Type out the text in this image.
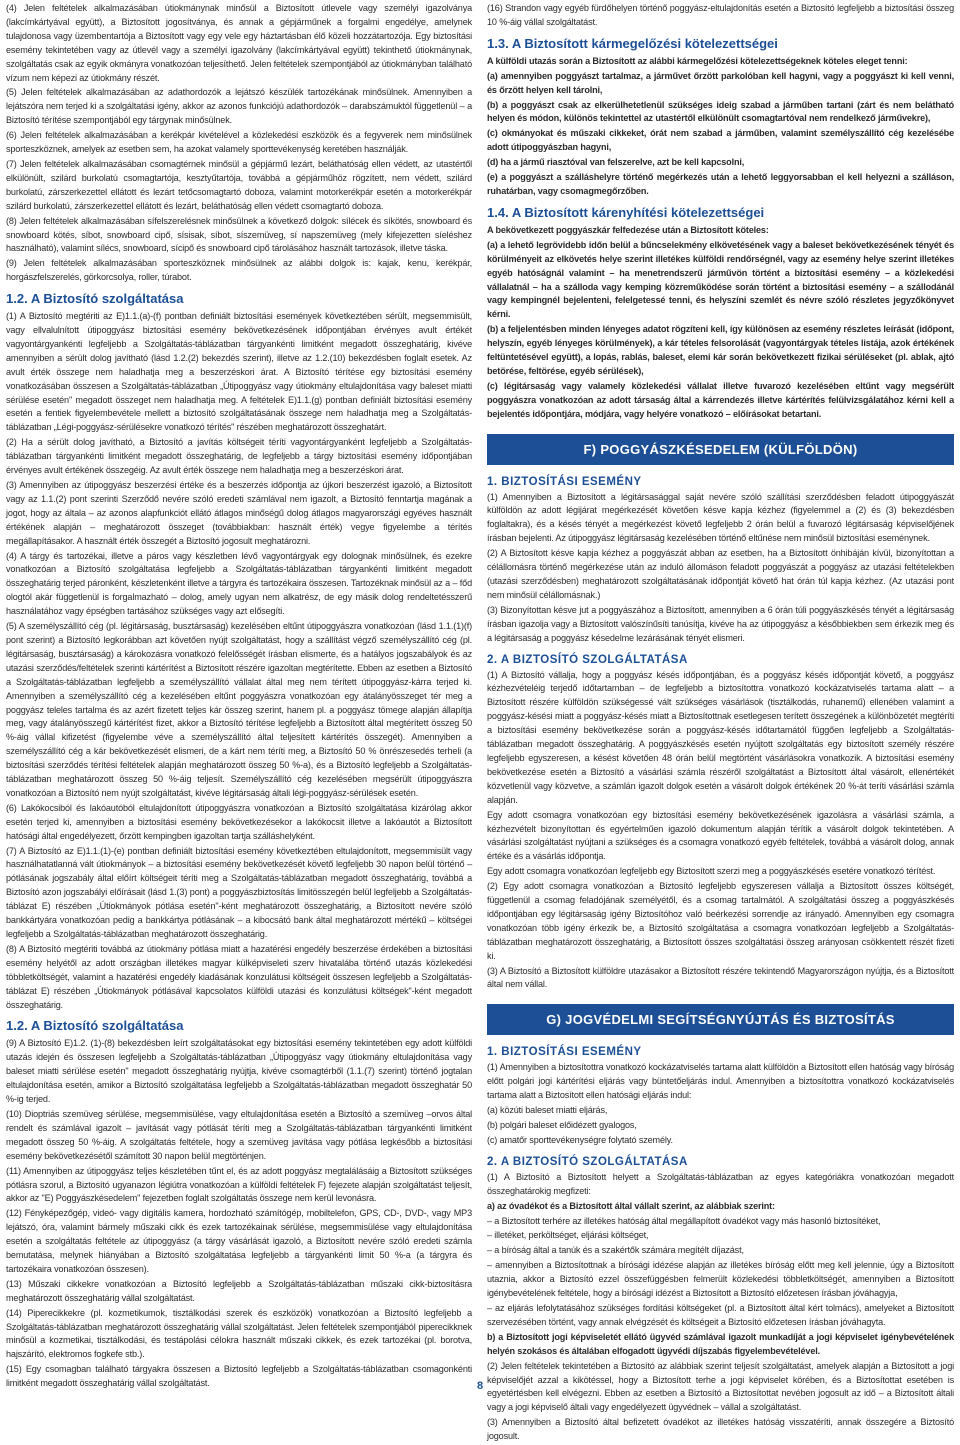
(4) Jelen feltételek alkalmazásában útiokmánynak minősül a Biztosított útlevele vagy személyi igazolványa (lakcímkártyával együtt), a Biztosított jogosítványa, és annak a gépjárműnek a forgalmi engedélye, amelynek tulajdonosa vagy üzembentartója a Biztosított vagy egy vele egy háztartásban élő közeli hozzátartozója. Egy biztosítási esemény tekintetében vagy az útlevél vagy a személyi igazolvány (lakcímkártyával együtt) tekinthető útiokmánynak, szolgáltatás csak az egyik okmányra vonatkozóan teljesíthető. Jelen feltételek szempontjából az útiokmányban található vízum nem képezi az útiokmány részét.

(5) Jelen feltételek alkalmazásában az adathordozók a lejátszó készülék tartozékának minősülnek. Amennyiben a lejátszóra nem terjed ki a szolgáltatási igény, akkor az azonos funkciójú adathordozók – darabszámuktól függetlenül – a Biztosító térítése szempontjából egy tárgynak minősülnek.

(6) Jelen feltételek alkalmazásában a kerékpár kivételével a közlekedési eszközök és a fegyverek nem minősülnek sporteszköznek, amelyek az esetben sem, ha azokat valamely sporttevékenység keretében használják.

(7) Jelen feltételek alkalmazásában csomagtérnek minősül a gépjármű lezárt, beláthatóság ellen védett, az utastértől elkülönült, szilárd burkolatú csomagtartója, kesztyűtartója, továbbá a gépjárműhöz rögzített, nem védett, szilárd burkolatú, zárszerkezettel ellátott és lezárt tetőcsomagtartó doboza, valamint motorkerékpár esetén a motorkerékpár szilárd burkolatú, zárszerkezettel ellátott és lezárt, beláthatóság ellen védett csomagtartó doboza.

(8) Jelen feltételek alkalmazásában sífelszerelésnek minősülnek a következő dolgok: sílécek és síkötés, snowboard és snowboard kötés, síbot, snowboard cipő, sísisak, síbot, síszemüveg, sí napszemüveg (mely kifejezetten síeléshez használható), valamint sílécs, snowboard, sícipő és snowboard cipő tárolásához használt tartozások, illetve táska.

(9) Jelen feltételek alkalmazásában sporteszköznek minősülnek az alábbi dolgok is: kajak, kenu, kerékpár, horgászfelszerelés, görkorcsolya, roller, túrabot.

1.2. A Biztosító szolgáltatása

(1) A Biztosító megtériti az E)1.1.(a)-(f) pontban definiált biztosítási események következtében sérült, megsemmisült, vagy ellvalulnított útipoggyász biztosítási esemény bekövetkezésének időpontjában érvényes avult értékét vagyontárgyankénti legfeljebb a Szolgáltatás-táblázatban tárgyankénti limitként megadott összeghatárig, kivéve amennyiben a sérült dolog javítható (lásd 1.2.(2) bekezdés szerint), illetve az 1.2.(10) bekezdésben foglalt esetek. Az avult érték összege nem haladhatja meg a beszerzéskori árat. A Biztosító térítése egy biztosítási esemény vonatkozásában összesen a Szolgáltatás-táblázatban „Útipoggyász vagy útiokmány eltulajdonítása vagy baleset miatti sérülése esetén" megadott összeget nem haladhatja meg. A feltételek E)1.1.(g) pontban definiált biztosítási esemény esetén a fentiek figyelembevétele mellett a biztosító szolgáltatásának összege nem haladhatja meg a Szolgáltatás-táblázatban „Légi-poggyász-sérülésekre vonatkozó térítés" részében meghatározott összeghatárt.

(2) Ha a sérült dolog javítható, a Biztosító a javítás költségeit téríti vagyontárgyanként legfeljebb a Szolgáltatás-táblázatban tárgyankénti limitként megadott összeghatárig, de legfeljebb a tárgy biztosítási esemény időpontjában érvényes avult értékének összegéig. Az avult érték összege nem haladhatja meg a beszerzéskori árat.

(3) Amennyiben az útipoggyász beszerzési értéke és a beszerzés időpontja az újkori beszerzést igazoló, a Biztosított vagy az 1.1.(2) pont szerinti Szerződő nevére szóló eredeti számlával nem igazolt, a Biztosító fenntartja magának a jogot, hogy az általa – az azonos alapfunkciót ellátó átlagos minőségű dolog átlagos magyarországi egyéves használt értékének alapján – meghatározott összeget (továbbiakban: használt érték) vegye figyelembe a térítés megállapításakor. A használt érték összegét a Biztosító jogosult meghatározni.

(4) A tárgy és tartozékai, illetve a páros vagy készletben lévő vagyontárgyak egy dolognak minősülnek, és ezekre vonatkozóan a Biztosító szolgáltatása legfeljebb a Szolgáltatás-táblázatban tárgyankénti limitként megadott összeghatárig terjed páronként, készletenként illetve a tárgyra és tartozékaira összesen. Tartozéknak minősül az a – főd​ologtól akár függetlenül is forgalmazható – dolog, amely ugyan nem alkatrész, de egy másik dolog rendeltetésszerű használatához vagy épségben tartásához szükséges vagy azt elősegíti.

(5) A személyszállító cég (pl. légitársaság, busztársaság) kezelésében eltűnt útipoggyászra vonatkozóan (lásd 1.1.(1)(f) pont szerint) a Biztosító legkorábban azt követően nyújt szolgáltatást, hogy a szállítást végző személyszállító cég (pl. légitársaság, busztársaság) a károkozásra vonatkozó felelősségét írásban elismerte, és a hatályos jogszabályok és az utazási szerződés/feltételek szerinti kártérítést a Biztosított részére igazoltan megtérítette. Ebben az esetben a Biztosító a Szolgáltatás-táblázatban legfeljebb a személyszállító vállalat által meg nem térített útipoggyász-kárra terjed ki. Amennyiben a személyszállító cég a kezelésében eltűnt poggyászra vonatkozóan egy átalányösszeget tér meg a poggyász teleles tartalma és az azért fizetett teljes kár összeg szerint, hanem pl. a poggyász tömege alapján állapítja meg, vagy átalányösszegű kártérítést fizet, akkor a Biztosító térítése legfeljebb a Biztosított által megtérített összeg 50 %-áig vállal kifizetést (figyelembe véve a személyszállító által teljesített kártérítés összegét). Amennyiben a személyszállító cég a kár bekövetkezését elismeri, de a kárt nem téríti meg, a Biztosító 50 % önrészesedés terheli (a biztosítási szerződés térítési feltételek alapján meghatározott összeg 50 %-a), és a Biztosító legfeljebb a Szolgáltatás-táblázatban meghatározott összeg 50 %-áig teljesít. Személyszállító cég kezelésében megsérült útipoggyászra vonatkozóan a Biztosító nem nyújt szolgáltatást, kivéve légitársaság általi légi-poggyász-sérülések esetén.

(6) Lakókocsiból és lakóautóból eltulajdonított útipoggyászra vonatkozóan a Biztosító szolgáltatása kizárólag akkor esetén terjed ki, amennyiben a biztosítási esemény bekövetkezésekor a lakókocsit illetve a lakóautót a Biztosított hatósági által engedélyezett, őrzött kempingben igazoltan tartja szálláshelyként.

(7) A Biztosító az E)1.1.(1)-(e) pontban definiált biztosítási esemény következtében eltulajdonított, megsemmisült vagy használhatatlanná vált útiokmányok – a biztosítási esemény bekövetkezését követő legfeljebb 30 napon belül történő – pótlásának jogszabály által előírt költségeit téríti meg a Szolgáltatás-táblázatban megadott összeghatárig, továbbá a Biztosító azon jogszabályi előírásait (lásd 1.(3) pont) a poggyászbiztosítás limitösszegén belül legfeljebb a Szolgáltatás-táblázat E) részében „Útiokmányok pótlása esetén"-ként meghatározott összeghatárig, a Biztosított nevére szóló bankkártyára vonatkozóan pedig a bankkártya pótlásának – a kibocsátó bank által meghatározott mértékű – költségei legfeljebb a Szolgáltatás-táblázatban meghatározott összeghatárig.

(8) A Biztosító megtériti továbbá az útiokmány pótlása miatt a hazatérési engedély beszerzése érdekében a biztosítási esemény helyétől az adott országban illetékes magyar külképviseleti szerv hivatalába történő utazás közlekedési többletköltségét, valamint a hazatérési engedély kiadásának konzulátusi költségeit összesen legfeljebb a Szolgáltatás-táblázat E) részében „Útiokmányok pótlásával kapcsolatos külföldi utazási és konzulátusi költségek"-ként megadott összeghatárig.

1.2. A Biztosító szolgáltatása

(9) A Biztosító E)1.2. (1)-(8) bekezdésben leírt szolgáltatásokat egy biztosítási esemény tekintetében egy adott külföldi utazás idején és összesen legfeljebb a Szolgáltatás-táblázatban „Útipoggyász vagy útiokmány eltulajdonítása vagy baleset miatti sérülése esetén" megadott összeghatárig nyújtja, kivéve csomagtérből (1.1.(7) szerint) történő jogtalan eltulajdonítása esetén, amikor a Biztosító szolgáltatása legfeljebb a Szolgáltatás-táblázatban megadott összeghatár 50 %-ig terjed.

(10) Dioptriás szemüveg sérülése, megsemmisülése, vagy eltulajdonítása esetén a Biztosító a szemüveg –orvos által rendelt és számlával igazolt – javítását vagy pótlását téríti meg a Szolgáltatás-táblázatban tárgyankénti limitként megadott összeg 50 %-áig. A szolgáltatás feltétele, hogy a szemüveg javítása vagy pótlása legkésőbb a biztosítási esemény bekövetkezésétől számított 30 napon belül megtörténjen.

(11) Amennyiben az útipoggyász teljes készletében tűnt el, és az adott poggyász megtalálásáig a Biztosított szükséges pótlásra szorul, a Biztosító ugyanazon légiútra vonatkozóan a külföldi feltételek F) fejezete alapján szolgáltatást teljesít, akkor az "E) Poggyászkésedelem" fejezetben foglalt szolgáltatás összege nem kerül levonásra.

(12) Fényképezőgép, videó- vagy digitális kamera, hordozható számítógép, mobiltelefon, GPS, CD-, DVD-, vagy MP3 lejátszó, óra, valamint bármely műszaki cikk és ezek tartozékainak sérülése, megsemmisülése vagy eltulajdonítása esetén a szolgáltatás feltétele az útipoggyász (a tárgy vásárlását igazoló, a Biztosított nevére szóló eredeti számla bemutatása, melynek hiányában a Biztosító szolgáltatása legfeljebb a tárgyankénti limit 50 %-a (a tárgyra és tartozékaira vonatkozóan összesen).

(13) Műszaki cikkekre vonatkozóan a Biztosító legfeljebb a Szolgáltatás-táblázatban műszaki cikk-biztosításra meghatározott összeghatárig vállal szolgáltatást.

(14) Piperecikkekre (pl. kozmetikumok, tisztálkodási szerek és eszközök) vonatkozóan a Biztosító legfeljebb a Szolgáltatás-táblázatban meghatározott összeghatárig vállal szolgáltatást. Jelen feltételek szempontjából piperecikknek minősül a kozmetikai, tisztálkodási, és testápolási célokra használt műszaki cikkek, és ezek tartozékai (pl. borotva, hajszárító, elektromos fogkefe stb.).

(15) Egy csomagban található tárgyakra összesen a Biztosító legfeljebb a Szolgáltatás-táblázatban csomagonkénti limitként megadott összeghatárig vállal szolgáltatást.

(16) Strandon vagy egyéb fürdőhelyen történő poggyász-eltulajdonítás esetén a Biztosító legfeljebb a biztosítási összeg 10 %-áig vállal szolgáltatást.

1.3. A Biztosított kármegelőzési kötelezettségei

A külföldi utazás során a Biztosított az alábbi kármegelőzési kötelezettségeknek köteles eleget tenni:

(a) amennyiben poggyászt tartalmaz, a járművet őrzött parkolóban kell hagyni, vagy a poggyászt ki kell venni, és őrzött helyen kell tárolni,

(b) a poggyászt csak az elkerülhetetlenül szükséges ideig szabad a járműben tartani (zárt és nem belátható helyen és módon, különös tekintettel az utastértől elkülönült csomagtartóval nem rendelkező járművekre),

(c) okmányokat és műszaki cikkeket, órát nem szabad a járműben, valamint személyszállító cég kezelésébe adott útipoggyászban hagyni,

(d) ha a jármű riasztóval van felszerelve, azt be kell kapcsolni,

(e) a poggyászt a szálláshelyre történő megérkezés után a lehető leggyorsabban el kell helyezni a szálláson, ruhatárban, vagy csomagmegőrzőben.

1.4. A Biztosított kárenyhítési kötelezettségei

A bekövetkezett poggyászkár felfedezése után a Biztosított köteles:

(a) a lehető legrövidebb időn belül a bűncselekmény elkövetésének vagy a baleset bekövetkezésének tényét és körülményeit az elkövetés helye szerint illetékes külföldi rendőrségnél, vagy az esemény helye szerint illetékes egyéb hatóságnál valamint – ha menetrendszerű járművön történt a biztosítási esemény – a közlekedési vállalatnál – ha a szálloda vagy kemping közreműködése során történt a biztosítási esemény – a szállodánál vagy kempingnél bejelenteni, felelgetessé tenni, és helyszíni szemlét és névre szóló részletes jegyzőkönyvet kérni.

(b) a feljelentésben minden lényeges adatot rögzíteni kell, így különösen az esemény részletes leírását (időpont, helyszín, egyéb lényeges körülmények), a kár tételes felsorolását (vagyontárgyak tételes listája, azok értékének feltüntetésével együtt), a lopás, rablás, baleset, elemi kár során bekövetkezett fizikai sérüléseket (pl. ablak, ajtó betörése, feltörése, egyéb sérülések),

(c) légitársaság vagy valamely közlekedési vállalat illetve fuvarozó kezelésében eltűnt vagy megsérült poggyászra vonatkozóan az adott társaság által a kárrendezés illetve kártérítés felülvizsgálatához kérni kell a bejelentés időpontjára, módjára, vagy helyére vonatkozó – előírásokat betartani.

F) POGGYÁSZKÉSEDELEM (KÜLFÖLDÖN)
1. BIZTOSÍTÁSI ESEMÉNY

(1) Amennyiben a Biztosított a légitársasággal saját nevére szóló szállítási szerződésben feladott útipoggyászát külföldön az adott légijárat megérkezését követően késve kapja kézhez (figyelemmel a (2) és (3) bekezdésben foglaltakra), és a késés tényét a megérkezést követő legfeljebb 2 órán belül a fuvarozó légitársaság képviselőjének írásban bejelenti. Az útipoggyász légitársaság kezelésében történő eltűnése nem minősül biztosítási eseménynek.

(2) A Biztosított késve kapja kézhez a poggyászát abban az esetben, ha a Biztosított önhibáján kívül, bizonyítottan a célállomásra történő megérkezése után az induló állomáson feladott poggyászát a poggyász az utazási feltételekben (utazási szerződésben) meghatározott szolgáltatásának időpontját követő hat órán túl kapja kézhez. (Az utazási pont nem minősül célállomásnak.)

(3) Bizonyítottan késve jut a poggyászához a Biztosított, amennyiben a 6 órán túli poggyászkésés tényét a légitársaság írásban igazolja vagy a Biztosított valószínűsíti tanúsítja, kivéve ha az útipoggyász a későbbiekben sem érkezik meg és a légitársaság a poggyász késedelme lezárásának tényét elismeri.

2. A BIZTOSÍTÓ SZOLGÁLTATÁSA

(1) A Biztosító vállalja, hogy a poggyász késés időpontjában, és a poggyász késés időpontját követő, a poggyász kézhezvételéig terjedő időtartamban – de legfeljebb a biztosítottra vonatkozó kockázatviselés tartama alatt – a Biztosított részére külföldön szükségessé vált szükséges vásárlások (tisztálkodás, ruhanemű) ellenében valamint a poggyász-késési miatt a poggyász-késés miatt a Biztosítottnak esetlegesen terített összegének a különbözetét megtéríti a biztosítási esemény bekövetkezése során a poggyász-késés időtartamától függően legfeljebb a Szolgáltatás-táblázatban megadott összeghatárig. A poggyászkésés esetén nyújtott szolgáltatás egy biztosított személy részére legfeljebb egyszeresen, a késést követően 48 órán belül megtörtént vásárlásokra vonatkozik. A biztosítási esemény bekövetkezése esetén a Biztosító a vásárlási számla részéről szolgáltatást a Biztosított által vásárolt, ellenértékét közvetlenül vagy közvetve, a számlán igazolt dolgok esetén a vásárolt dolgok értékének 20 %-át teríti vásárlási számla alapján.

Egy adott csomagra vonatkozóan egy biztosítási esemény bekövetkezésének igazolásra a vásárlási számla, a kézhezvételt bizonyítottan és egyértelműen igazoló dokumentum alapján térítik a vásárolt dolgok tekintetében. A vásárlási szolgáltatást nyújtani a szükséges és a csomagra vonatkozó egyéb feltételek, továbbá a vásárolt dolog, annak értéke és a vásárlás időpontja.

Egy adott csomagra vonatkozóan legfeljebb egy Biztosított szerzi meg a poggyászkésés esetére vonatkozó térítést.

(2) Egy adott csomagra vonatkozóan a Biztosító legfeljebb egyszeresen vállalja a Biztosított összes költségét, függetlenül a csomag feladójának személyétől, és a csomag tartalmától. A szolgáltatási összeg a poggyászkésés időpontjában egy légitársaság igény Biztosítóhoz való beérkezési sorrendje az irányadó. Amennyiben egy csomagra vonatkozóan több igény érkezik be, a Biztosító szolgáltatása a csomagra vonatkozóan legfeljebb a Szolgáltatás-táblázatban meghatározott összeghatárig, a Biztosított összes szolgáltatási összeg arányosan csökkentett részét fizeti ki.

(3) A Biztosító a Biztosított külföldre utazásakor a Biztosított részére tekintendő Magyarországon nyújtja, és a Biztosított által nem vállal.

G) JOGVÉDELMI SEGÍTSÉGNYÚJTÁS ÉS BIZTOSÍTÁS
1. BIZTOSÍTÁSI ESEMÉNY

(1) Amennyiben a biztosítottra vonatkozó kockázatviselés tartama alatt külföldön a Biztosított ellen hatóság vagy bíróság előtt polgári jogi kártérítési eljárás vagy büntetőeljárás indul. Amennyiben a biztosítottra vonatkozó kockázatviselés tartama alatt a Biztosított ellen hatósági eljárás indul:

(a) közúti baleset miatti eljárás,

(b) polgári baleset előidézett gyalogos,

(c) amatőr sporttevékenységre folytató személy.

2. A BIZTOSÍTÓ SZOLGÁLTATÁSA

(1) A Biztosító a Biztosított helyett a Szolgáltatás-táblázatban az egyes kategóriákra vonatkozóan megadott összeghatárokig megfizeti:

a) az óvadékot és a Biztosított által vállalt szerint, az alábbiak szerint:

– a Biztosított terhére az illetékes hatóság által megállapított óvadékot vagy más hasonló biztosítéket,

– illetéket, perköltséget, eljárási költséget,

– a bíróság által a tanúk és a szakértők számára megítélt díjazást,

– amennyiben a Biztosítottnak a bírósági idézése alapján az illetékes bíróság előtt meg kell jelennie, úgy a Biztosított utaznia, akkor a Biztosító ezzel összefüggésben felmerült közlekedési többletköltségét, amennyiben a Biztosított igénybevételének feltétele, hogy a bírósági idézést a Biztosított a Biztosító előzetesen írásban jóváhagyja,

– az eljárás lefolytatásához szükséges fordítási költségeket (pl. a Biztosított által kért tolmács), amelyeket a Biztosított szervezésében történt, vagy annak elvégzését és költségeit a Biztosító előzetesen írásban jóváhagyta.

b) a Biztosított jogi képviseletét ellátó ügyvéd számlával igazolt munkadíját a jogi képviselet igénybevételének helyén szokásos és általában elfogadott ügyvédi díjszabás figyelembevételével.

(2) Jelen feltételek tekintetében a Biztosító az alábbiak szerint teljesít szolgáltatást, amelyek alapján a Biztosított a jogi képviselőjét azzal a kikötéssel, hogy a Biztosított terhe a jogi képviselet körében, és a Biztosítottat esetében is egyetértésben kell elvégezni. Ebben az esetben a Biztosító a Biztosítottat nevében jogosult az idő – a Biztosított általi vagy a jogi képviselő általi vagy engedélyezett ügyvédnek – vállal a szolgáltatást.

(3) Amennyiben a Biztosító által befizetett óvadékot az illetékes hatóság visszatéríti, annak összegére a Biztosító jogosult.

8
